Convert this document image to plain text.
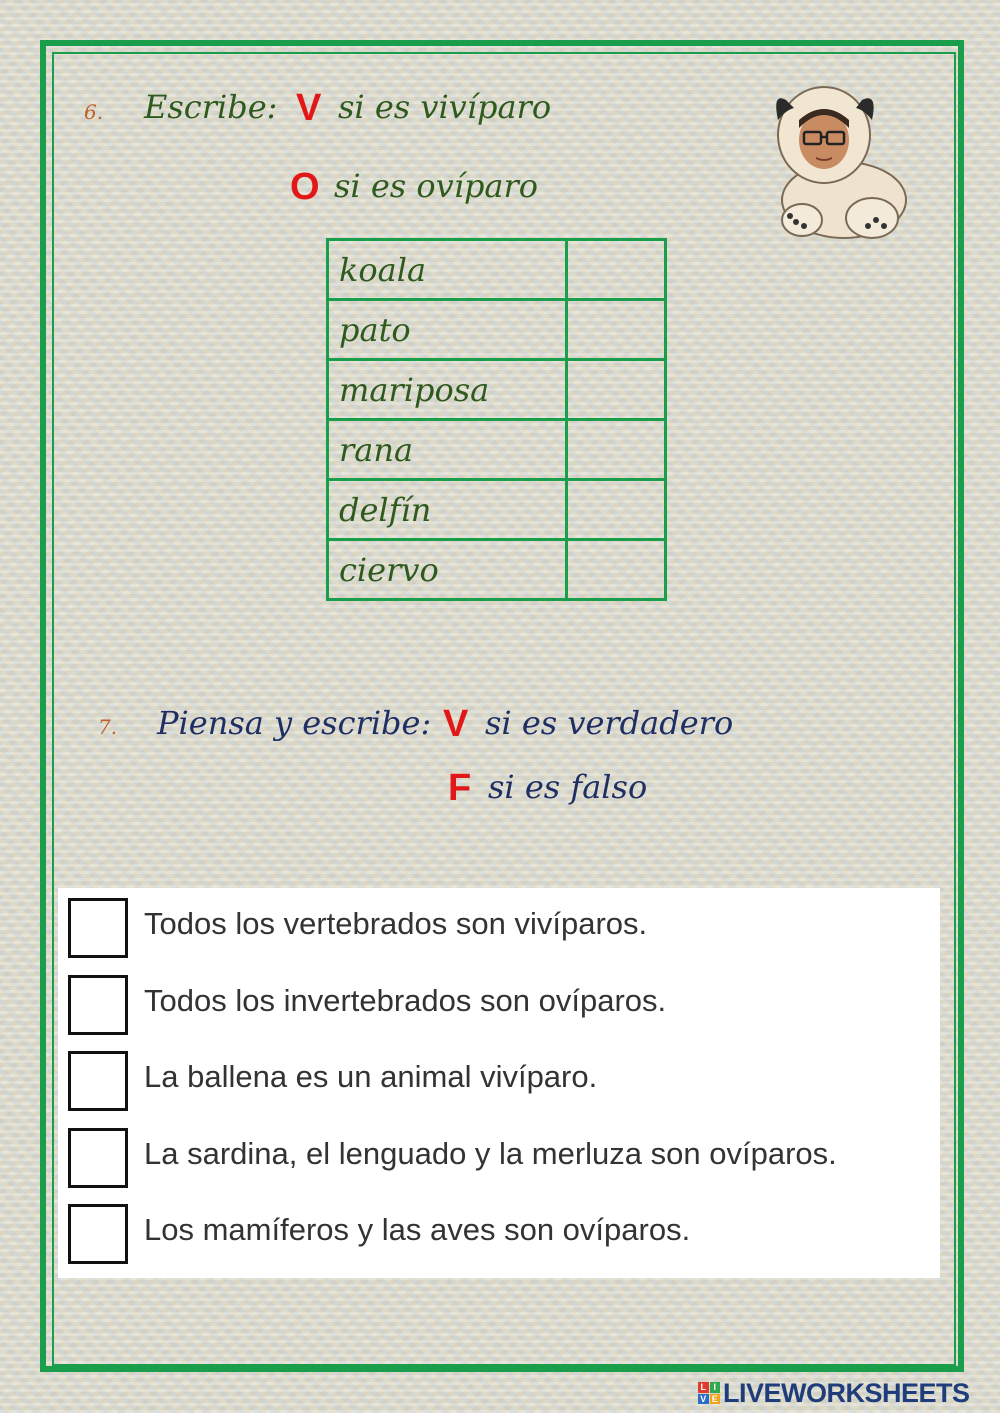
6. Escribe: V si es vivíparo
O si es ovíparo
koala	
pato	
mariposa	
rana	
delfín	
ciervo	
7. Piensa y escribe: V si es verdadero
F si es falso
Todos los vertebrados son vivíparos.
Todos los invertebrados son ovíparos.
La ballena es un animal vivíparo.
La sardina, el lenguado y la merluza son ovíparos.
Los mamíferos y las aves son ovíparos.
L I
V E LIVEWORKSHEETS
